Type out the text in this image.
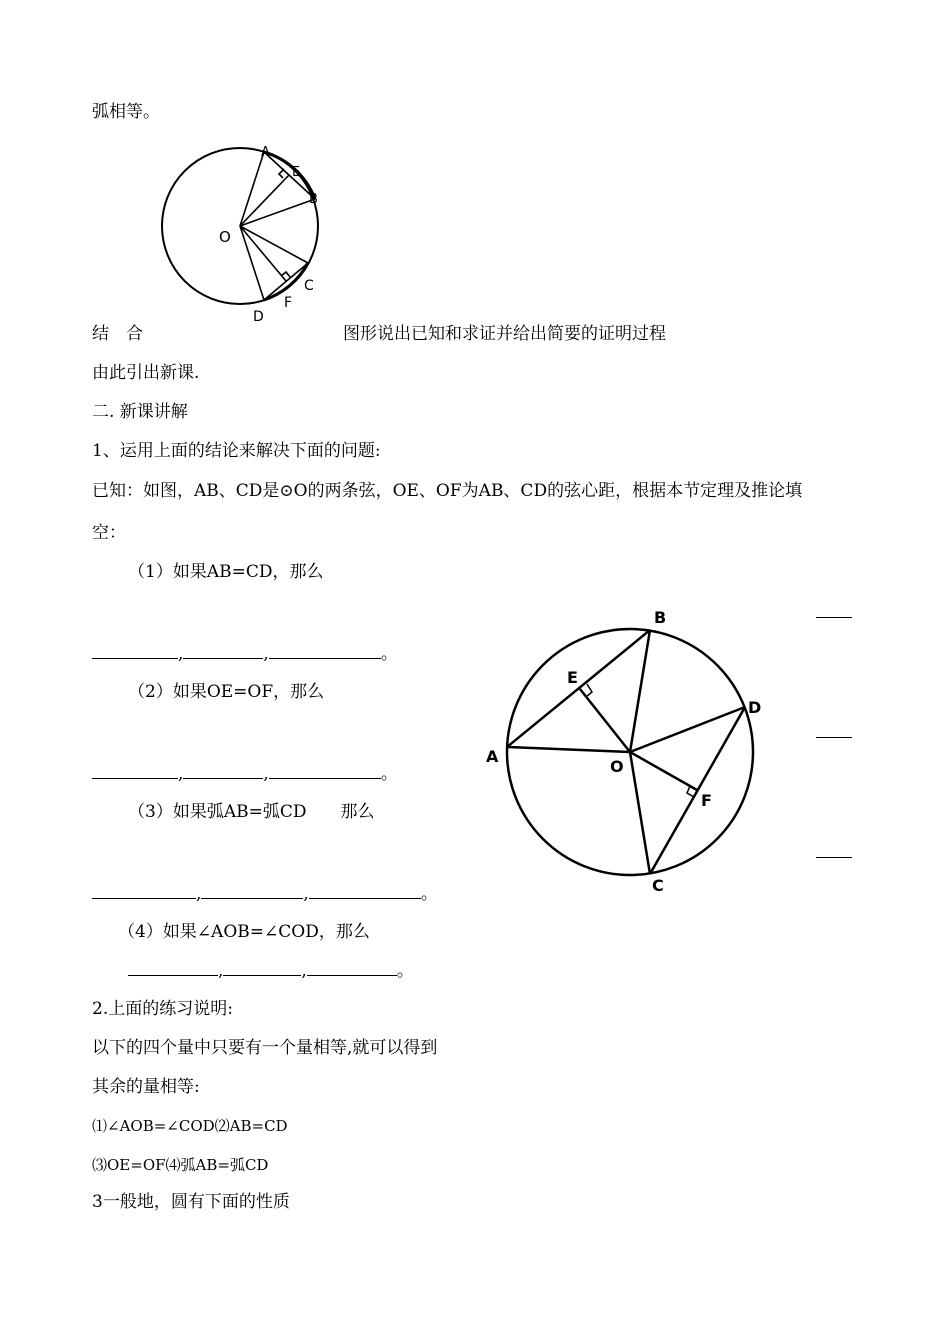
弧相等。
A
E
B
O
C
F
D
结　合	图形说出已知和求证并给出简要的证明过程
由此引出新课.
二. 新课讲解
1、运用上面的结论来解决下面的问题:
已知：如图，AB、CD是⊙O的两条弦，OE、OF为AB、CD的弦心距，根据本节定理及推论填
空：
（1）如果AB=CD，那么
,	,	。
（2）如果OE=OF，那么
,	,	。
（3）如果弧AB=弧CD　　那么
,	,	。
（4）如果∠AOB=∠COD，那么
,	,	。
B
E
D
A
O
F
C
2.上面的练习说明:
以下的四个量中只要有一个量相等,就可以得到
其余的量相等:
⑴∠AOB=∠COD⑵AB=CD
⑶OE=OF⑷弧AB=弧CD
3一般地，圆有下面的性质
